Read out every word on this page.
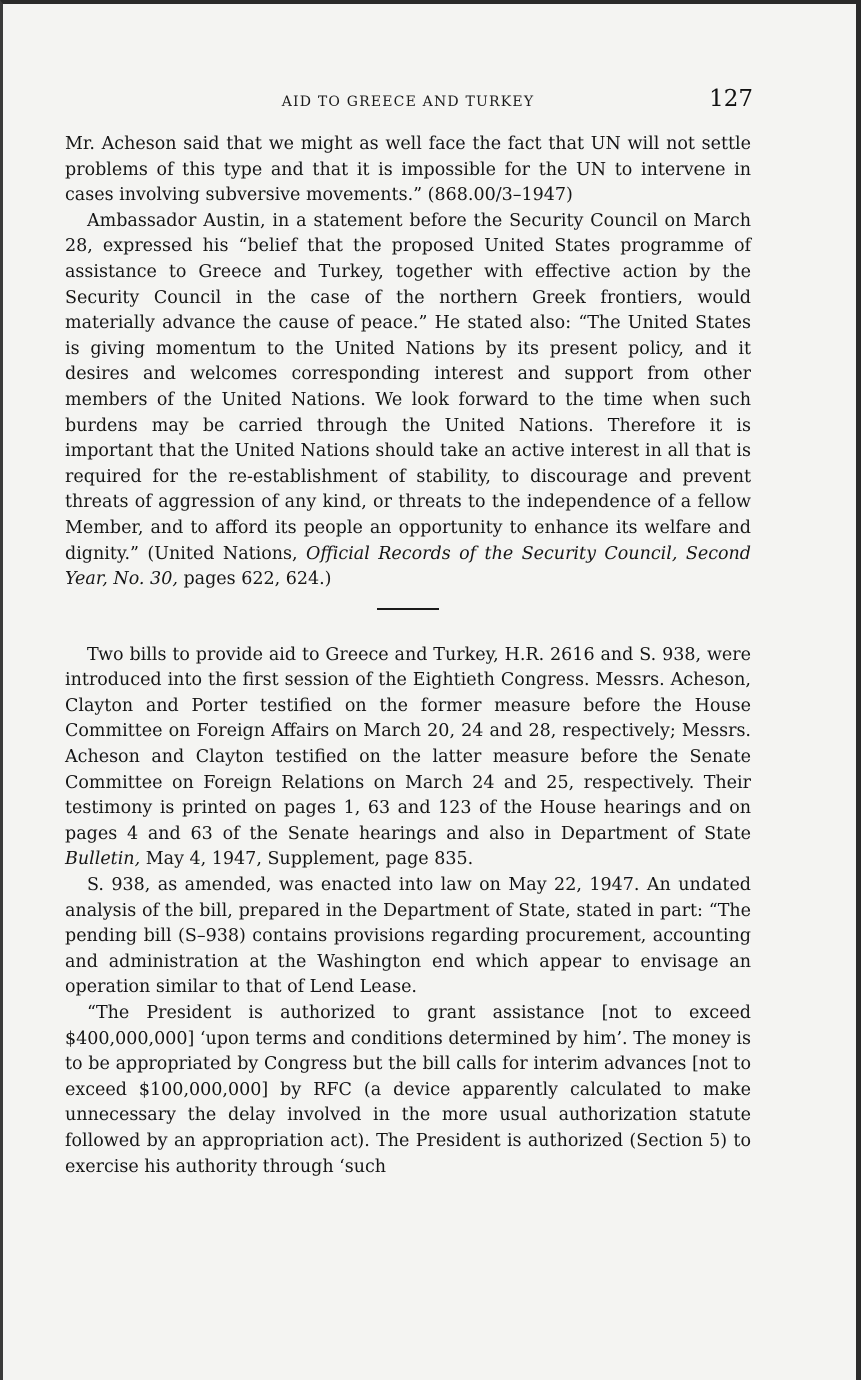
AID TO GREECE AND TURKEY	127

Mr. Acheson said that we might as well face the fact that UN will not settle problems of this type and that it is impossible for the UN to intervene in cases involving subversive movements.” (868.00/3–1947)

Ambassador Austin, in a statement before the Security Council on March 28, expressed his “belief that the proposed United States programme of assistance to Greece and Turkey, together with effective action by the Security Council in the case of the northern Greek frontiers, would materially advance the cause of peace.” He stated also: “The United States is giving momentum to the United Nations by its present policy, and it desires and welcomes corresponding interest and support from other members of the United Nations. We look forward to the time when such burdens may be carried through the United Nations. Therefore it is important that the United Nations should take an active interest in all that is required for the re-establishment of stability, to discourage and prevent threats of aggression of any kind, or threats to the independence of a fellow Member, and to afford its people an opportunity to enhance its welfare and dignity.” (United Nations, Official Records of the Security Council, Second Year, No. 30, pages 622, 624.)

Two bills to provide aid to Greece and Turkey, H.R. 2616 and S. 938, were introduced into the first session of the Eightieth Congress. Messrs. Acheson, Clayton and Porter testified on the former measure before the House Committee on Foreign Affairs on March 20, 24 and 28, respectively; Messrs. Acheson and Clayton testified on the latter measure before the Senate Committee on Foreign Relations on March 24 and 25, respectively. Their testimony is printed on pages 1, 63 and 123 of the House hearings and on pages 4 and 63 of the Senate hearings and also in Department of State Bulletin, May 4, 1947, Supplement, page 835.

S. 938, as amended, was enacted into law on May 22, 1947. An undated analysis of the bill, prepared in the Department of State, stated in part: “The pending bill (S–938) contains provisions regarding procurement, accounting and administration at the Washington end which appear to envisage an operation similar to that of Lend Lease.

“The President is authorized to grant assistance [not to exceed $400,000,000] ‘upon terms and conditions determined by him’. The money is to be appropriated by Congress but the bill calls for interim advances [not to exceed $100,000,000] by RFC (a device apparently calculated to make unnecessary the delay involved in the more usual authorization statute followed by an appropriation act). The President is authorized (Section 5) to exercise his authority through ‘such
